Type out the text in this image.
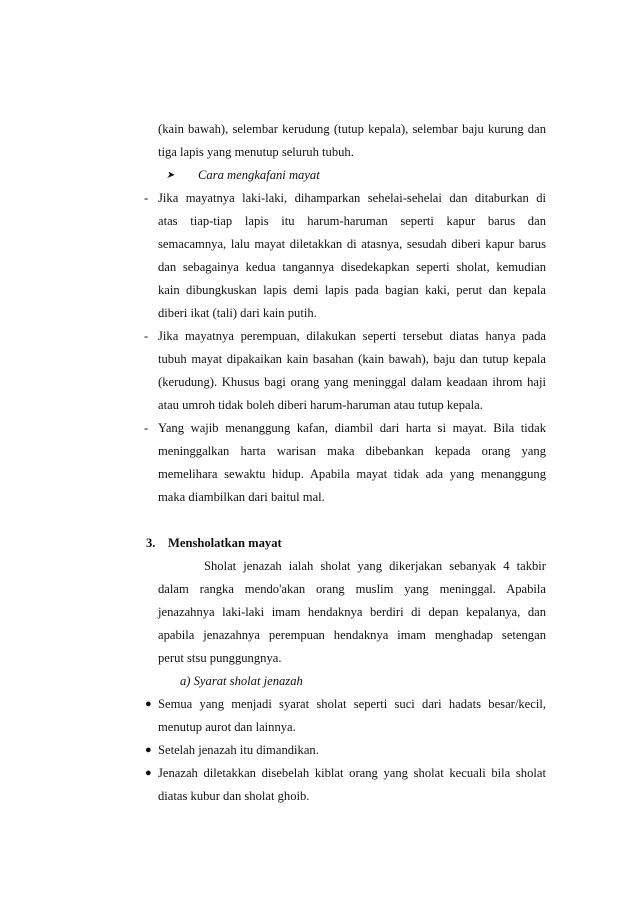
(kain bawah), selembar kerudung (tutup kepala), selembar baju kurung dan
tiga lapis yang menutup seluruh tubuh.
➤ Cara mengkafani mayat
- Jika mayatnya laki-laki, dihamparkan sehelai-sehelai dan ditaburkan di
atas tiap-tiap lapis itu harum-haruman seperti kapur barus dan
semacamnya, lalu mayat diletakkan di atasnya, sesudah diberi kapur barus
dan sebagainya kedua tangannya disedekapkan seperti sholat, kemudian
kain dibungkuskan lapis demi lapis pada bagian kaki, perut dan kepala
diberi ikat (tali) dari kain putih.
- Jika mayatnya perempuan, dilakukan seperti tersebut diatas hanya pada
tubuh mayat dipakaikan kain basahan (kain bawah), baju dan tutup kepala
(kerudung). Khusus bagi orang yang meninggal dalam keadaan ihrom haji
atau umroh tidak boleh diberi harum-haruman atau tutup kepala.
- Yang wajib menanggung kafan, diambil dari harta si mayat. Bila tidak
meninggalkan harta warisan maka dibebankan kepada orang yang
memelihara sewaktu hidup. Apabila mayat tidak ada yang menanggung
maka diambilkan dari baitul mal.
3. Mensholatkan mayat
Sholat jenazah ialah sholat yang dikerjakan sebanyak 4 takbir
dalam rangka mendo'akan orang muslim yang meninggal. Apabila
jenazahnya laki-laki imam hendaknya berdiri di depan kepalanya, dan
apabila jenazahnya perempuan hendaknya imam menghadap setengan
perut stsu punggungnya.
a) Syarat sholat jenazah
● Semua yang menjadi syarat sholat seperti suci dari hadats besar/kecil,
menutup aurot dan lainnya.
● Setelah jenazah itu dimandikan.
● Jenazah diletakkan disebelah kiblat orang yang sholat kecuali bila sholat
diatas kubur dan sholat ghoib.
